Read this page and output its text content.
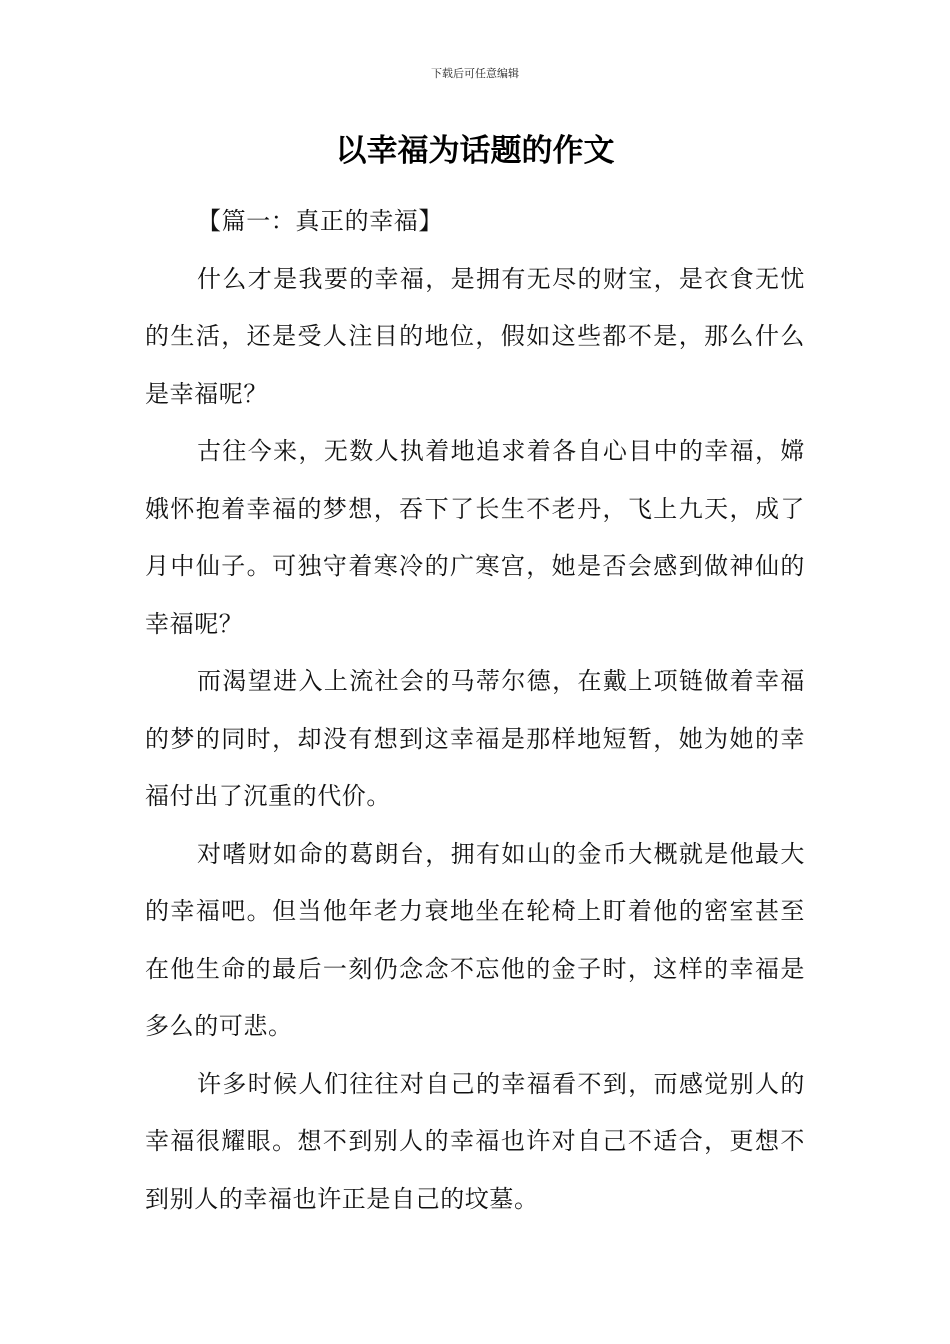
下载后可任意编辑
以幸福为话题的作文

【篇一：真正的幸福】

什么才是我要的幸福，是拥有无尽的财宝，是衣食无忧的生活，还是受人注目的地位，假如这些都不是，那么什么是幸福呢？

古往今来，无数人执着地追求着各自心目中的幸福，嫦娥怀抱着幸福的梦想，吞下了长生不老丹，飞上九天，成了月中仙子。可独守着寒冷的广寒宫，她是否会感到做神仙的幸福呢？

而渴望进入上流社会的马蒂尔德，在戴上项链做着幸福的梦的同时，却没有想到这幸福是那样地短暂，她为她的幸福付出了沉重的代价。

对嗜财如命的葛朗台，拥有如山的金币大概就是他最大的幸福吧。但当他年老力衰地坐在轮椅上盯着他的密室甚至在他生命的最后一刻仍念念不忘他的金子时，这样的幸福是多么的可悲。

许多时候人们往往对自己的幸福看不到，而感觉别人的幸福很耀眼。想不到别人的幸福也许对自己不适合，更想不到别人的幸福也许正是自己的坟墓。
